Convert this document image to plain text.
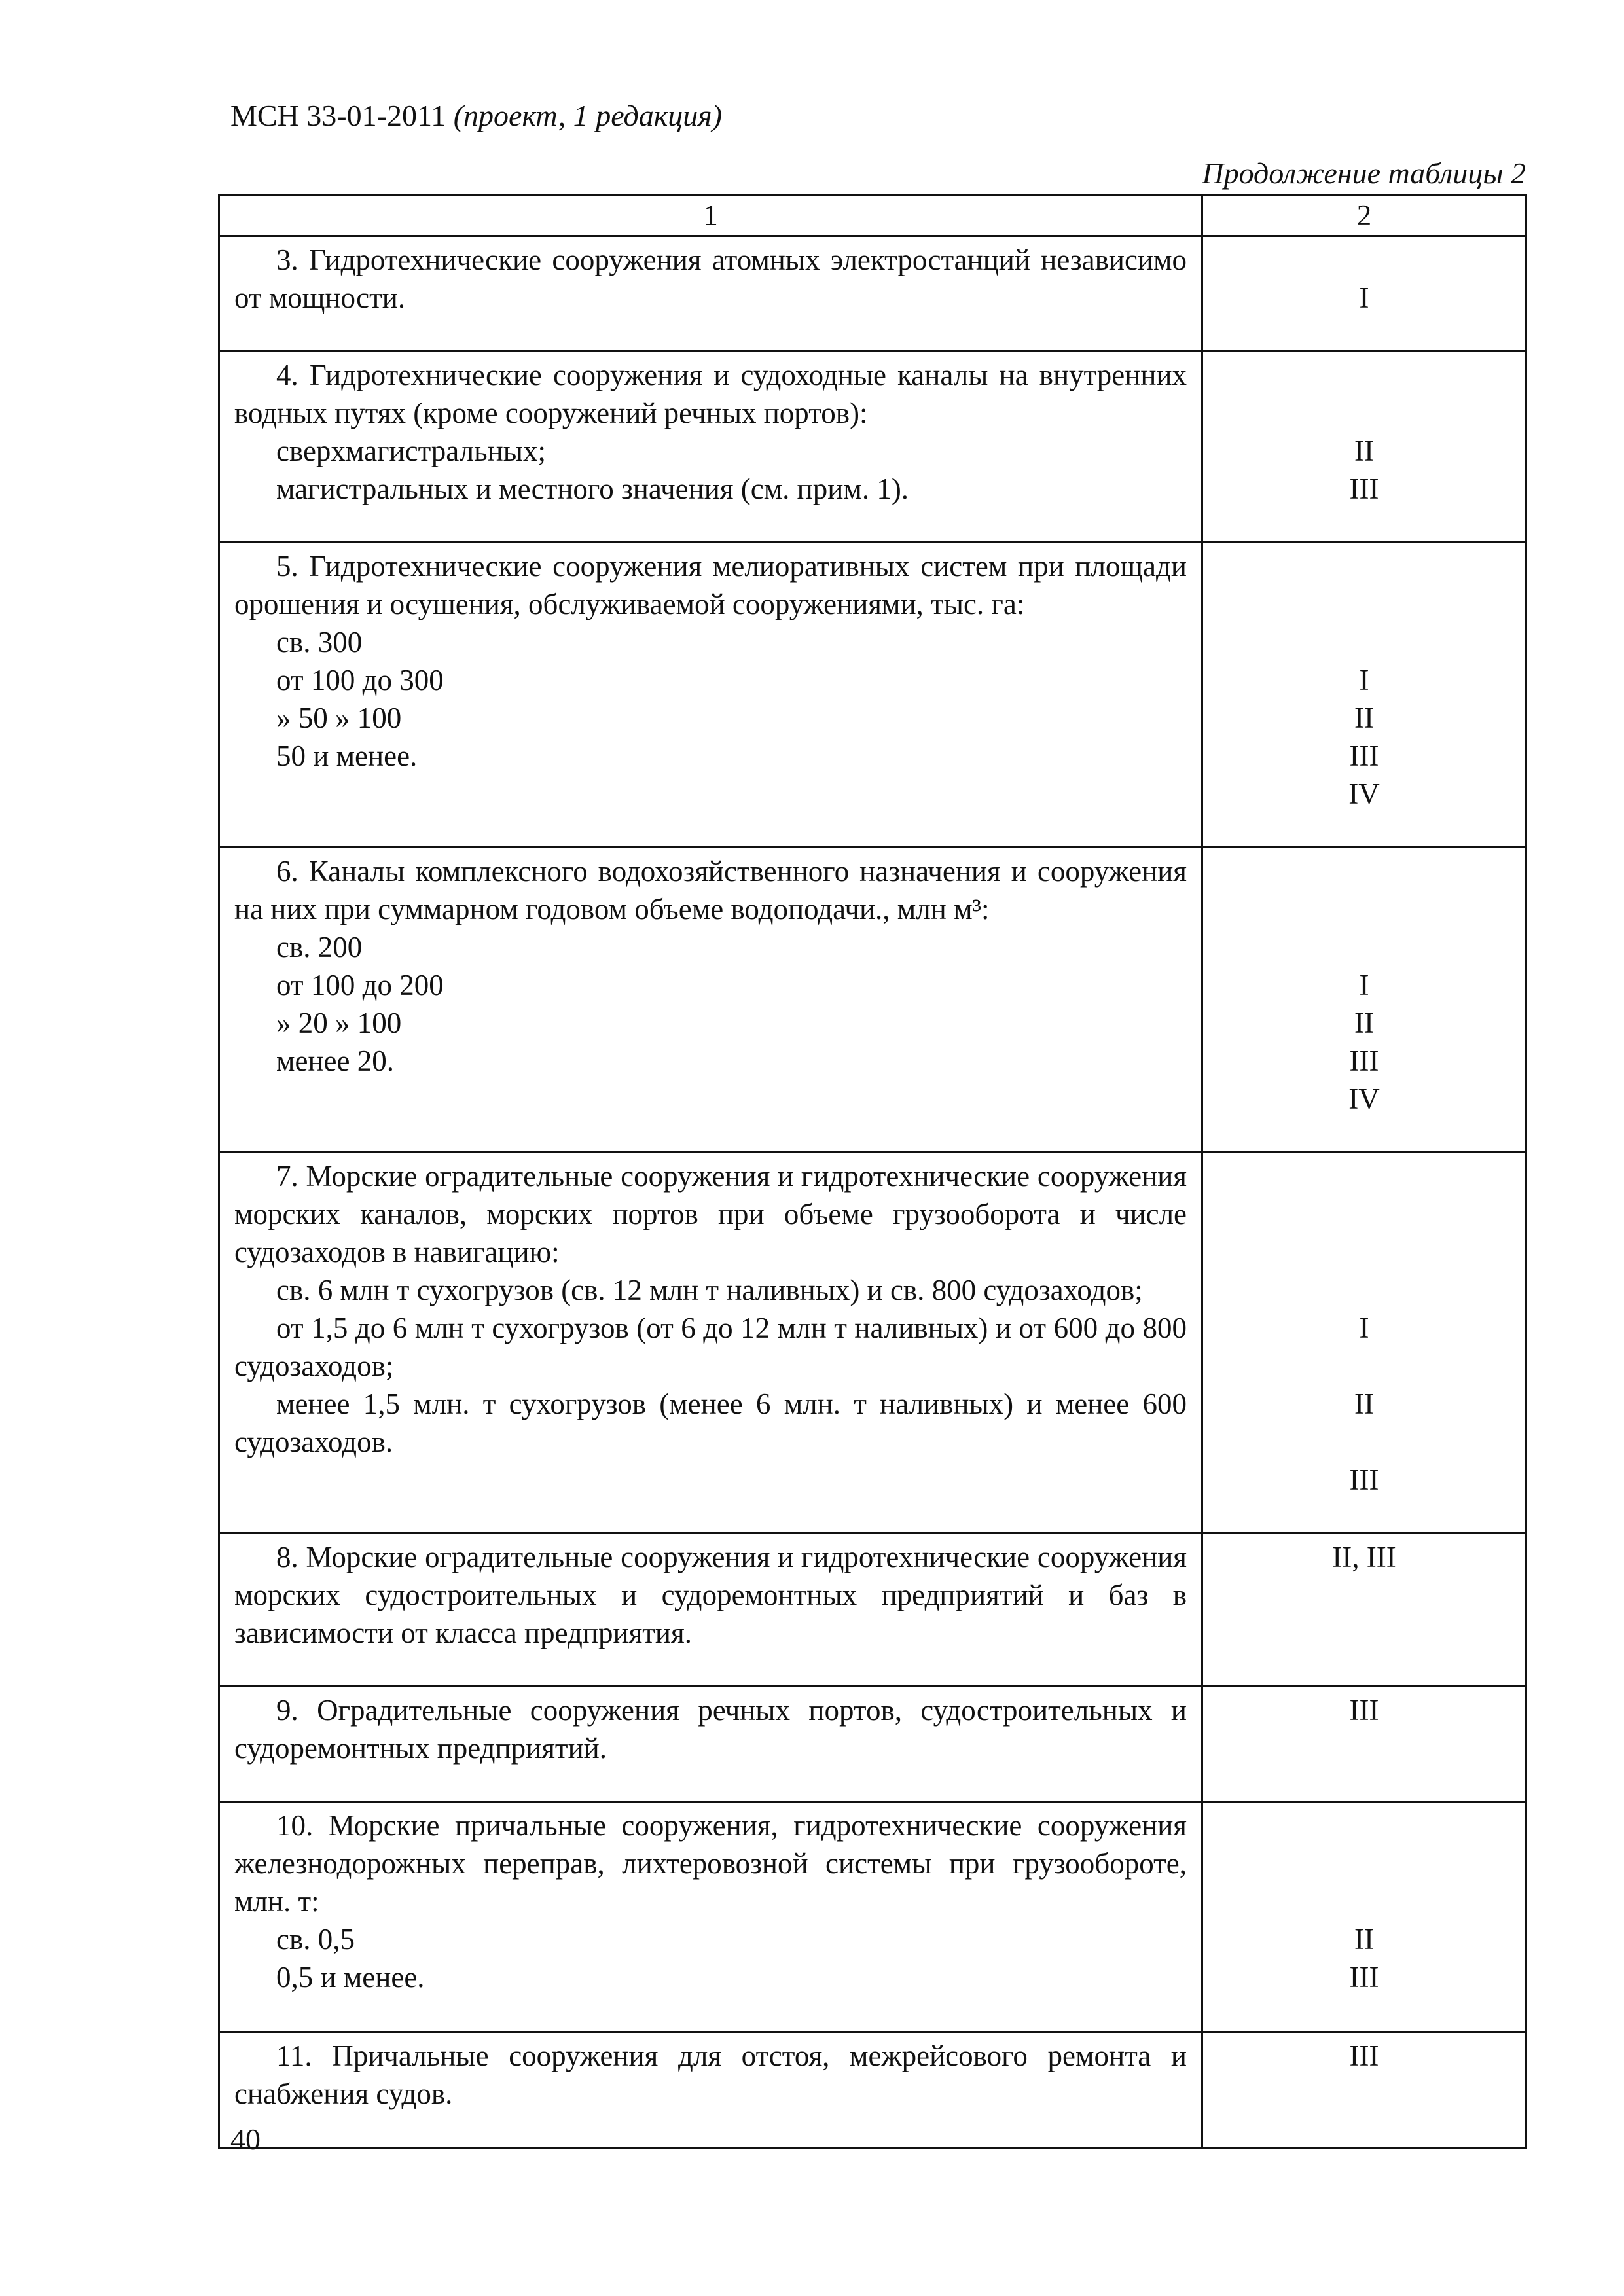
МСН 33-01-2011 (проект, 1 редакция)
Продолжение таблицы 2
1	2
3. Гидротехнические сооружения атомных электростанций независимо от мощности.	I
4. Гидротехнические сооружения и судоходные каналы на внутренних водных путях (кроме сооружений речных портов):
сверхмагистральных;
магистральных и местного значения (см. прим. 1).
II
III
5. Гидротехнические сооружения мелиоративных систем при площади орошения и осушения, обслуживаемой сооружениями, тыс. га:
св. 300
от 100 до 300
» 50 » 100
50 и менее.
I
II
III
IV
6. Каналы комплексного водохозяйственного назначения и сооружения на них при суммарном годовом объеме водоподачи., млн м³:
св. 200
от 100 до 200
» 20 » 100
менее 20.
I
II
III
IV
7. Морские оградительные сооружения и гидротехнические сооружения морских каналов, морских портов при объеме грузооборота и числе судозаходов в навигацию:
св. 6 млн т сухогрузов (св. 12 млн т наливных) и св. 800 судозаходов;
от 1,5 до 6 млн т сухогрузов (от 6 до 12 млн т наливных) и от 600 до 800 судозаходов;
менее 1,5 млн. т сухогрузов (менее 6 млн. т наливных) и менее 600 судозаходов.
I
II
III
8. Морские оградительные сооружения и гидротехнические сооружения морских судостроительных и судоремонтных предприятий и баз в зависимости от класса предприятия.
II, III
9. Оградительные сооружения речных портов, судостроительных и судоремонтных предприятий.
III
10. Морские причальные сооружения, гидротехнические сооружения железнодорожных переправ, лихтеровозной системы при грузообороте, млн. т:
св. 0,5
0,5 и менее.
II
III
11. Причальные сооружения для отстоя, межрейсового ремонта и снабжения судов.
III
40
